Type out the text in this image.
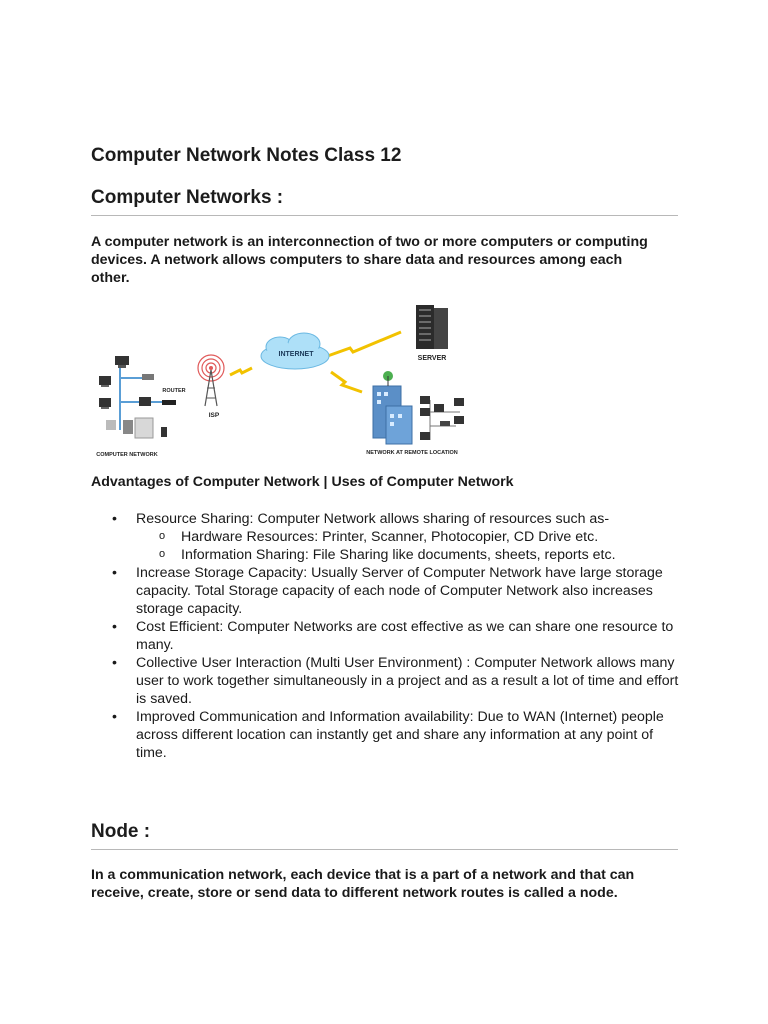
Computer Network Notes Class 12
Computer Networks :

A computer network is an interconnection of two or more computers or computing devices. A network allows computers to share data and resources among each other.

INTERNET
SERVER
ISP
ROUTER
COMPUTER NETWORK	NETWORK AT REMOTE LOCATION

Advantages of Computer Network | Uses of Computer Network

• Resource Sharing: Computer Network allows sharing of resources such as-
o Hardware Resources: Printer, Scanner, Photocopier, CD Drive etc.
o Information Sharing: File Sharing like documents, sheets, reports etc.
• Increase Storage Capacity: Usually Server of Computer Network have large storage capacity. Total Storage capacity of each node of Computer Network also increases storage capacity.
• Cost Efficient: Computer Networks are cost effective as we can share one resource to many.
• Collective User Interaction (Multi User Environment) : Computer Network allows many user to work together simultaneously in a project and as a result a lot of time and effort is saved.
• Improved Communication and Information availability: Due to WAN (Internet) people across different location can instantly get and share any information at any point of time.
Node :

In a communication network, each device that is a part of a network and that can receive, create, store or send data to different network routes is called a node.
